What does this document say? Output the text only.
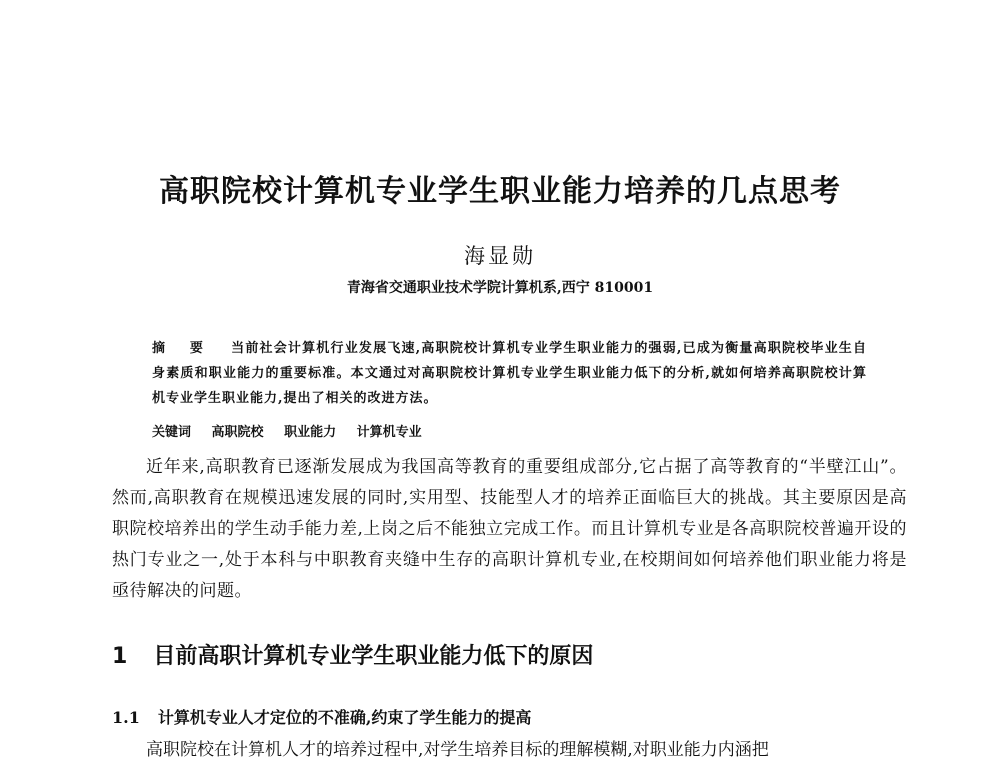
高职院校计算机专业学生职业能力培养的几点思考
海显勋
青海省交通职业技术学院计算机系,西宁 810001
摘 要 当前社会计算机行业发展飞速,高职院校计算机专业学生职业能力的强弱,已成为衡量高职院校毕业生自身素质和职业能力的重要标准。本文通过对高职院校计算机专业学生职业能力低下的分析,就如何培养高职院校计算机专业学生职业能力,提出了相关的改进方法。
关键词 高职院校 职业能力 计算机专业
近年来,高职教育已逐渐发展成为我国高等教育的重要组成部分,它占据了高等教育的“半壁江山”。然而,高职教育在规模迅速发展的同时,实用型、技能型人才的培养正面临巨大的挑战。其主要原因是高职院校培养出的学生动手能力差,上岗之后不能独立完成工作。而且计算机专业是各高职院校普遍开设的热门专业之一,处于本科与中职教育夹缝中生存的高职计算机专业,在校期间如何培养他们职业能力将是亟待解决的问题。
1 目前高职计算机专业学生职业能力低下的原因
1.1 计算机专业人才定位的不准确,约束了学生能力的提高
高职院校在计算机人才的培养过程中,对学生培养目标的理解模糊,对职业能力内涵把
